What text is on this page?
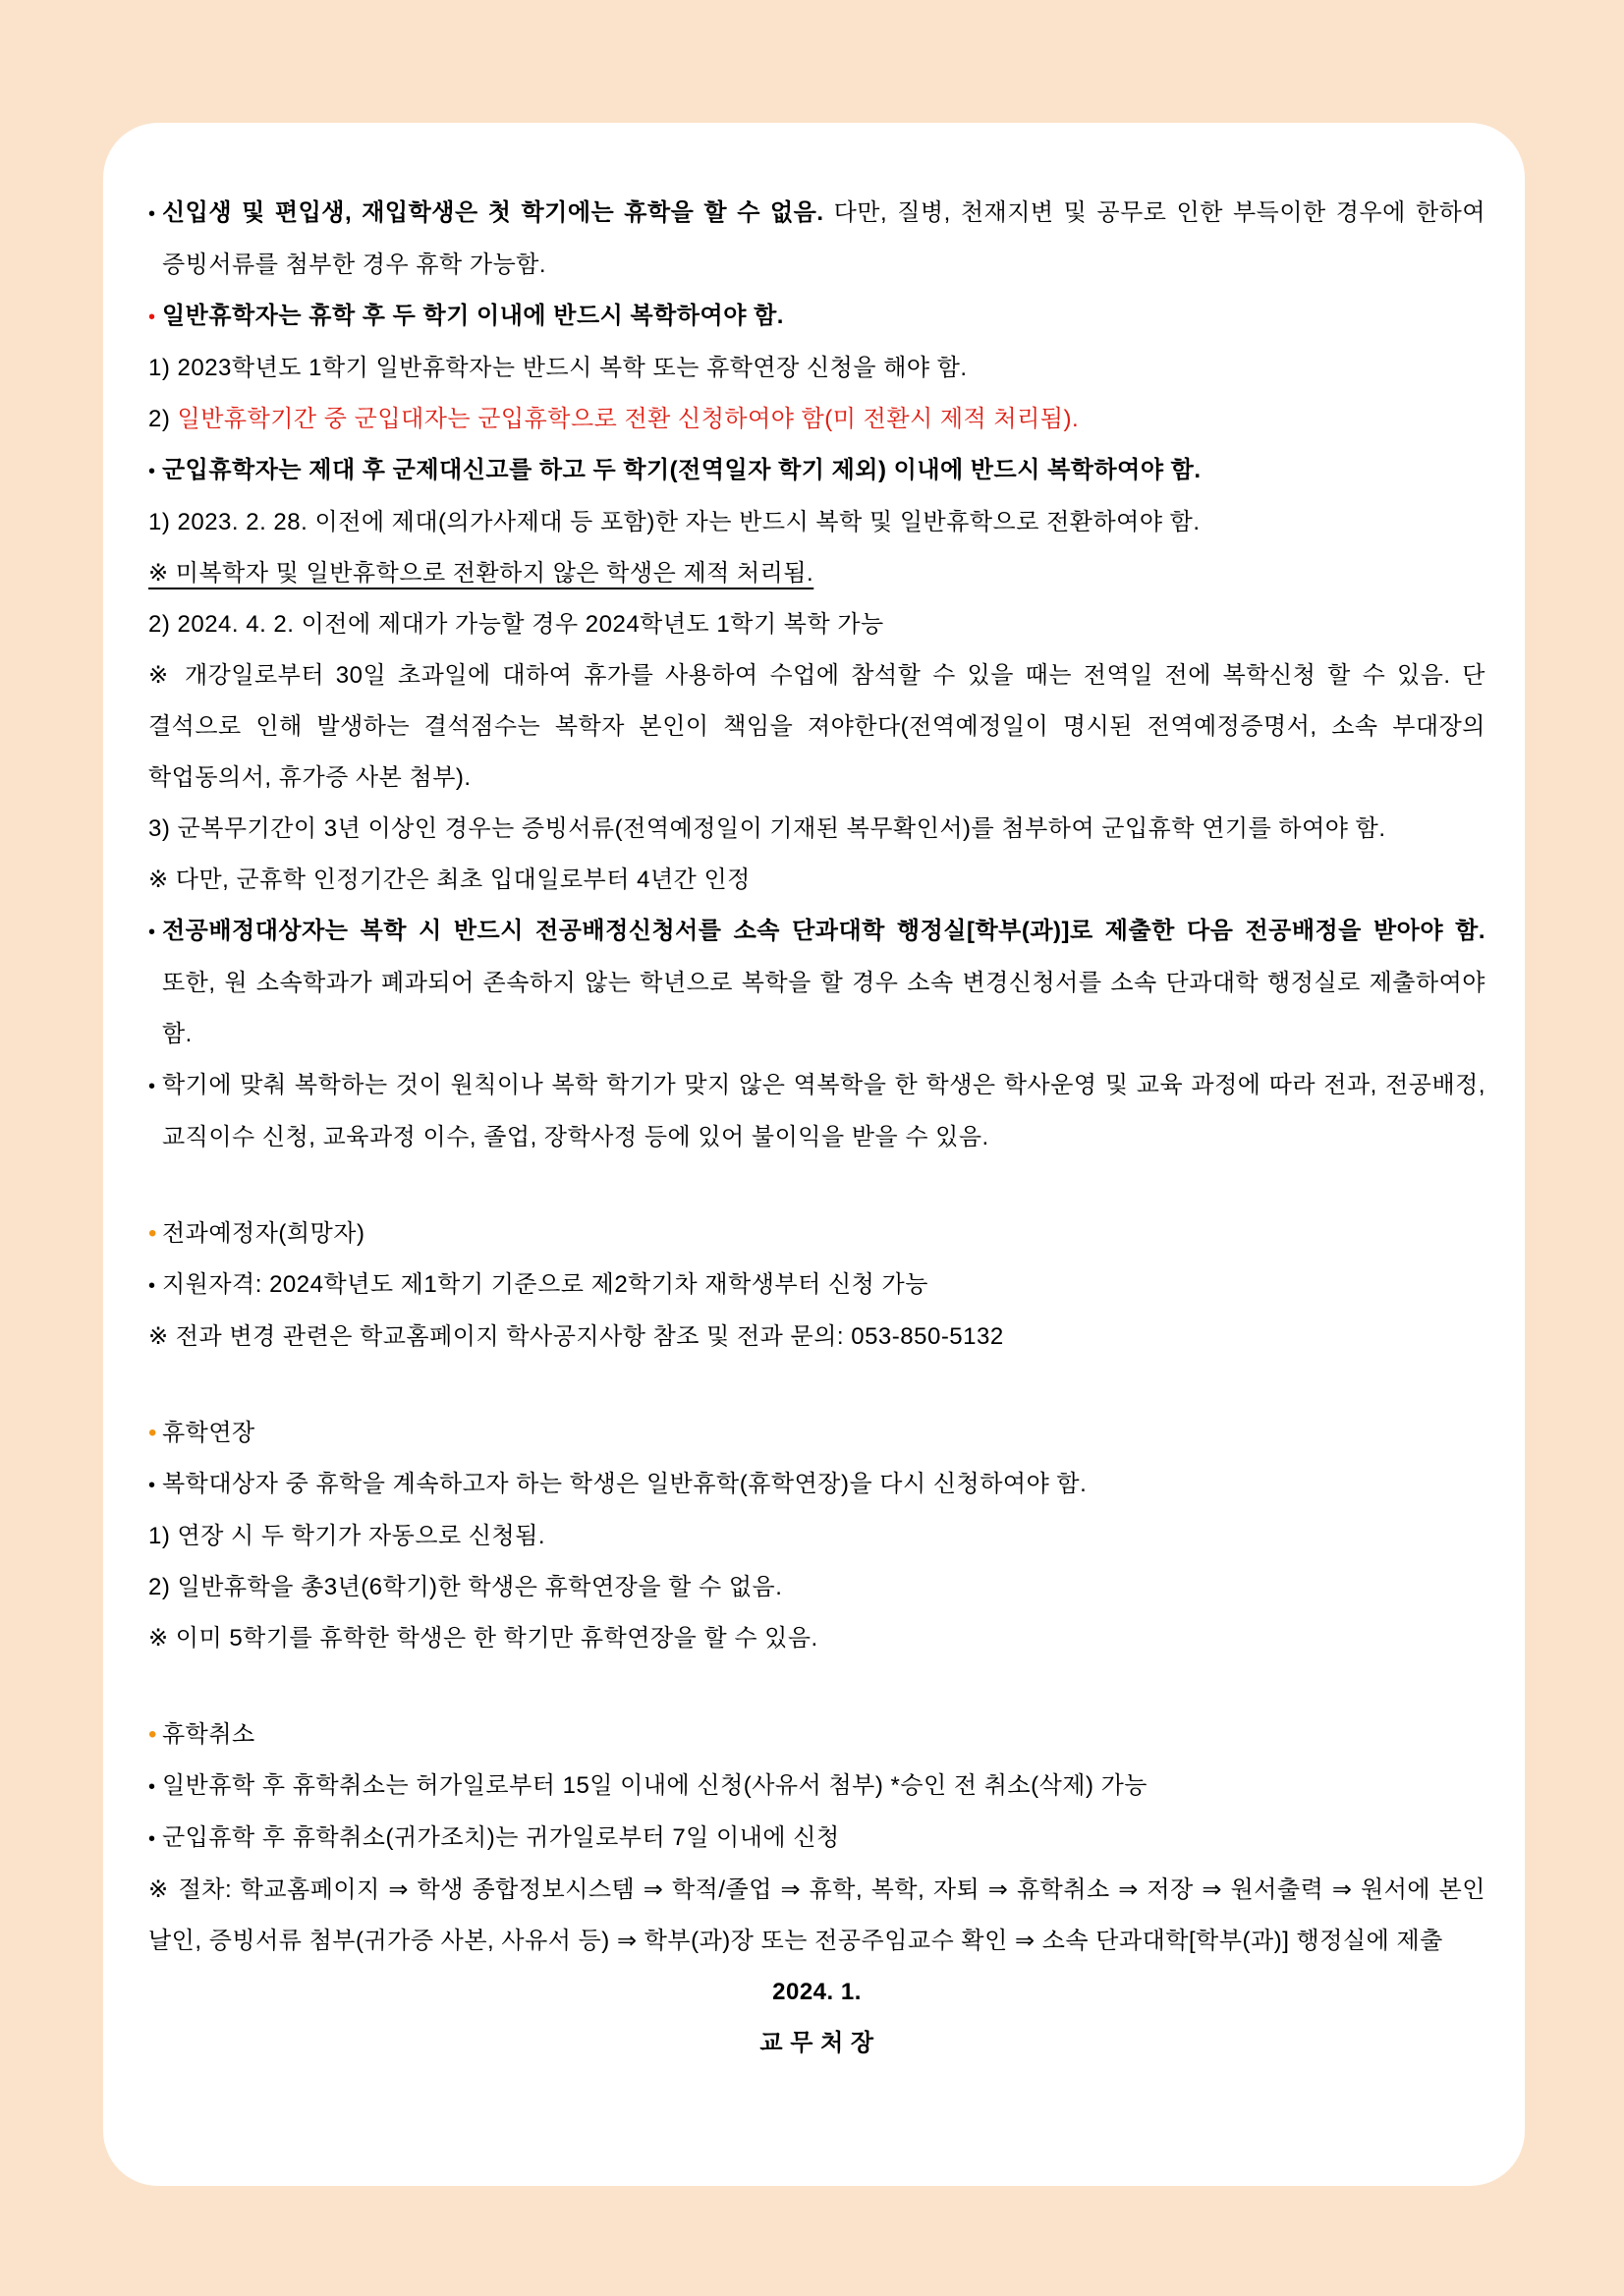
• 신입생 및 편입생, 재입학생은 첫 학기에는 휴학을 할 수 없음. 다만, 질병, 천재지변 및 공무로 인한 부득이한 경우에 한하여 증빙서류를 첨부한 경우 휴학 가능함.

• 일반휴학자는 휴학 후 두 학기 이내에 반드시 복학하여야 함.

1) 2023학년도 1학기 일반휴학자는 반드시 복학 또는 휴학연장 신청을 해야 함.

2) 일반휴학기간 중 군입대자는 군입휴학으로 전환 신청하여야 함(미 전환시 제적 처리됨).

• 군입휴학자는 제대 후 군제대신고를 하고 두 학기(전역일자 학기 제외) 이내에 반드시 복학하여야 함.

1) 2023. 2. 28. 이전에 제대(의가사제대 등 포함)한 자는 반드시 복학 및 일반휴학으로 전환하여야 함.

※ 미복학자 및 일반휴학으로 전환하지 않은 학생은 제적 처리됨.

2) 2024. 4. 2. 이전에 제대가 가능할 경우 2024학년도 1학기 복학 가능

※ 개강일로부터 30일 초과일에 대하여 휴가를 사용하여 수업에 참석할 수 있을 때는 전역일 전에 복학신청 할 수 있음. 단 결석으로 인해 발생하는 결석점수는 복학자 본인이 책임을 져야한다(전역예정일이 명시된 전역예정증명서, 소속 부대장의 학업동의서, 휴가증 사본 첨부).

3) 군복무기간이 3년 이상인 경우는 증빙서류(전역예정일이 기재된 복무확인서)를 첨부하여 군입휴학 연기를 하여야 함.

※ 다만, 군휴학 인정기간은 최초 입대일로부터 4년간 인정

• 전공배정대상자는 복학 시 반드시 전공배정신청서를 소속 단과대학 행정실[학부(과)]로 제출한 다음 전공배정을 받아야 함. 또한, 원 소속학과가 폐과되어 존속하지 않는 학년으로 복학을 할 경우 소속 변경신청서를 소속 단과대학 행정실로 제출하여야 함.

• 학기에 맞춰 복학하는 것이 원칙이나 복학 학기가 맞지 않은 역복학을 한 학생은 학사운영 및 교육 과정에 따라 전과, 전공배정, 교직이수 신청, 교육과정 이수, 졸업, 장학사정 등에 있어 불이익을 받을 수 있음.

• 전과예정자(희망자)

• 지원자격: 2024학년도 제1학기 기준으로 제2학기차 재학생부터 신청 가능

※ 전과 변경 관련은 학교홈페이지 학사공지사항 참조 및 전과 문의: 053-850-5132

• 휴학연장

• 복학대상자 중 휴학을 계속하고자 하는 학생은 일반휴학(휴학연장)을 다시 신청하여야 함.

1) 연장 시 두 학기가 자동으로 신청됨.

2) 일반휴학을 총3년(6학기)한 학생은 휴학연장을 할 수 없음.

※ 이미 5학기를 휴학한 학생은 한 학기만 휴학연장을 할 수 있음.

• 휴학취소

• 일반휴학 후 휴학취소는 허가일로부터 15일 이내에 신청(사유서 첨부) *승인 전 취소(삭제) 가능

• 군입휴학 후 휴학취소(귀가조치)는 귀가일로부터 7일 이내에 신청

※ 절차: 학교홈페이지 ⇒ 학생 종합정보시스템 ⇒ 학적/졸업 ⇒ 휴학, 복학, 자퇴 ⇒ 휴학취소 ⇒ 저장 ⇒ 원서출력 ⇒ 원서에 본인 날인, 증빙서류 첨부(귀가증 사본, 사유서 등) ⇒ 학부(과)장 또는 전공주임교수 확인 ⇒ 소속 단과대학[학부(과)] 행정실에 제출

2024. 1.

교 무 처 장
